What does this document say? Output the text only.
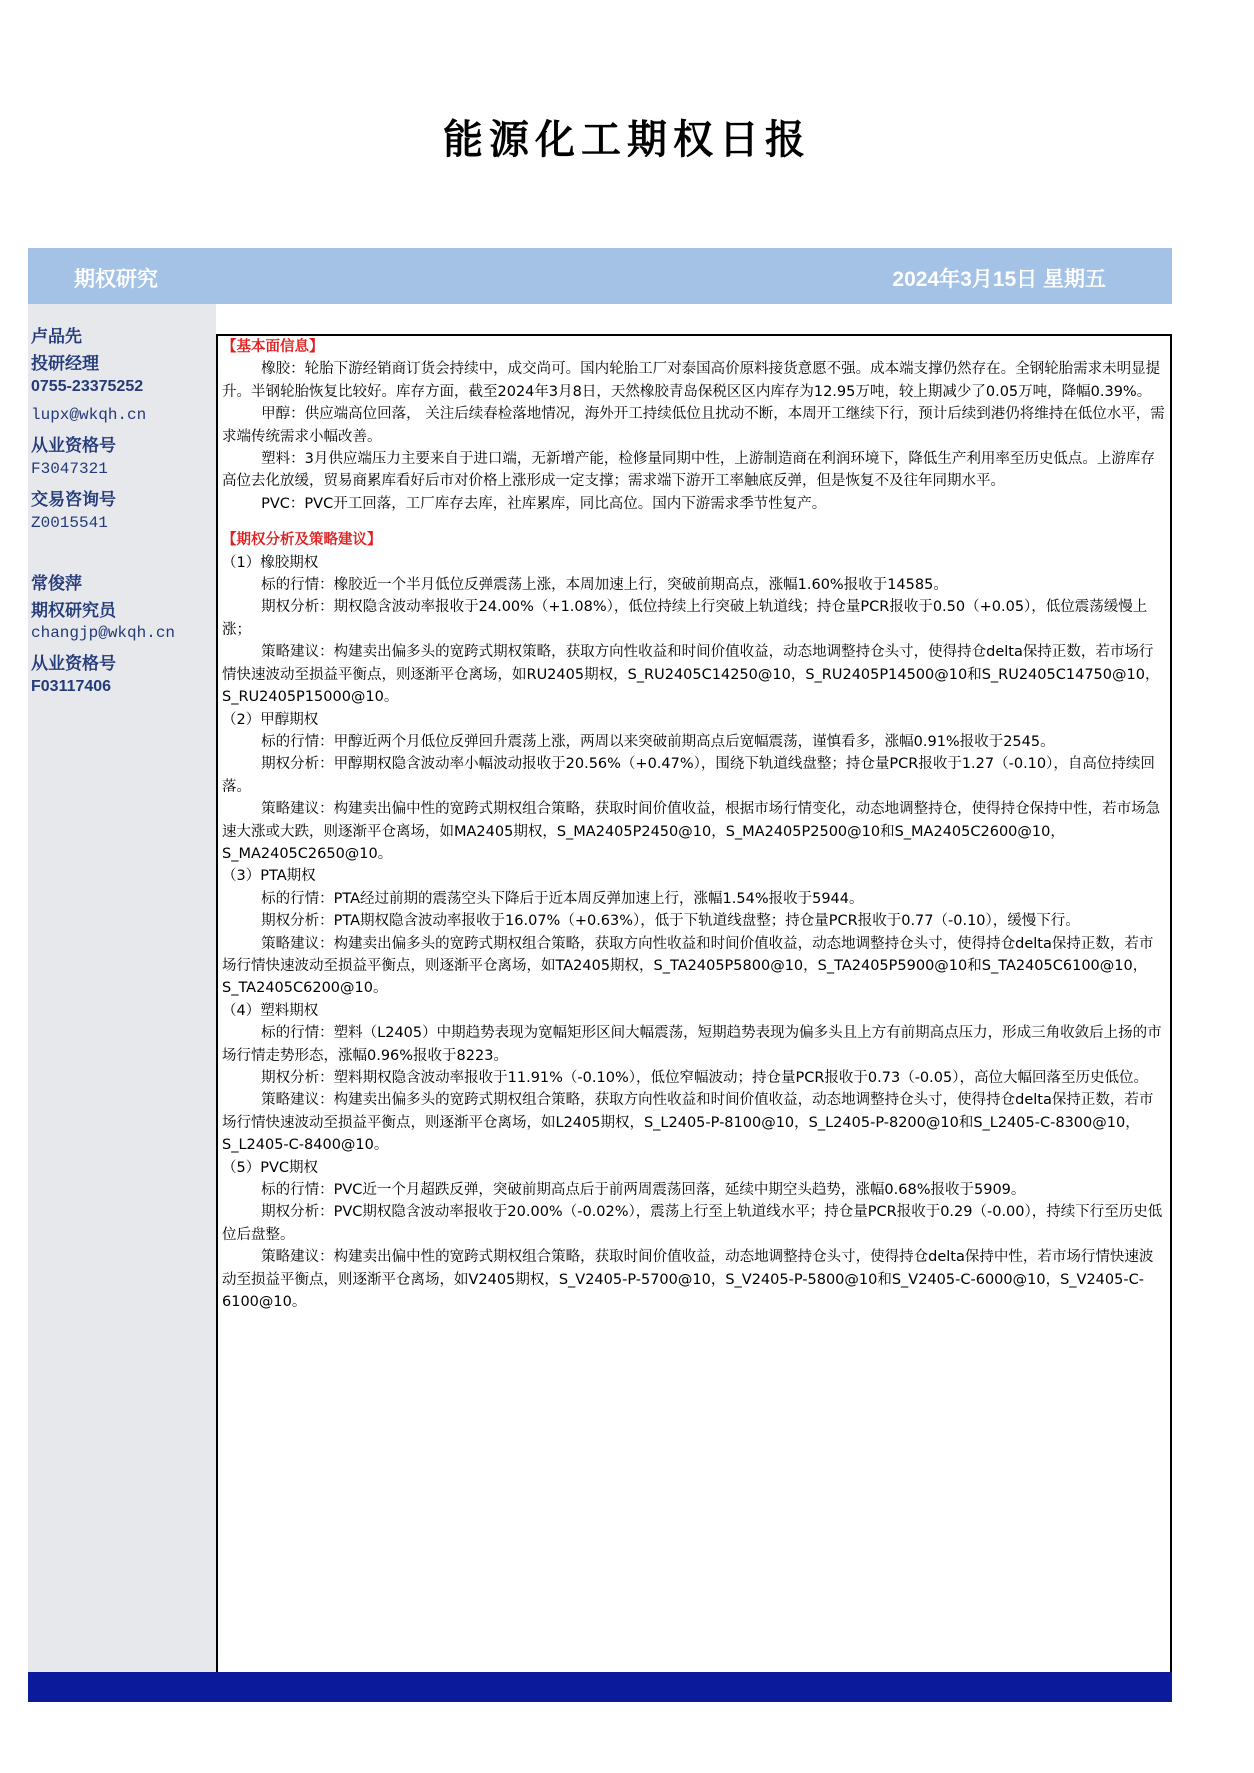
能源化工期权日报
期权研究	2024年3月15日 星期五
卢品先
投研经理
0755-23375252
lupx@wkqh.cn
从业资格号
F3047321
交易咨询号
Z0015541
常俊萍
期权研究员
changjp@wkqh.cn
从业资格号
F03117406

【基本面信息】

橡胶：轮胎下游经销商订货会持续中，成交尚可。国内轮胎工厂对泰国高价原料接货意愿不强。成本端支撑仍然存在。全钢轮胎需求未明显提升。半钢轮胎恢复比较好。库存方面，截至2024年3月8日，天然橡胶青岛保税区区内库存为12.95万吨，较上期减少了0.05万吨，降幅0.39%。

甲醇：供应端高位回落， 关注后续春检落地情况，海外开工持续低位且扰动不断，本周开工继续下行，预计后续到港仍将维持在低位水平，需求端传统需求小幅改善。

塑料：3月供应端压力主要来自于进口端，无新增产能，检修量同期中性，上游制造商在利润环境下，降低生产利用率至历史低点。上游库存高位去化放缓，贸易商累库看好后市对价格上涨形成一定支撑；需求端下游开工率触底反弹，但是恢复不及往年同期水平。

PVC：PVC开工回落，工厂库存去库，社库累库，同比高位。国内下游需求季节性复产。

【期权分析及策略建议】

（1）橡胶期权

标的行情：橡胶近一个半月低位反弹震荡上涨，本周加速上行，突破前期高点，涨幅1.60%报收于14585。

期权分析：期权隐含波动率报收于24.00%（+1.08%），低位持续上行突破上轨道线；持仓量PCR报收于0.50（+0.05），低位震荡缓慢上涨；

策略建议：构建卖出偏多头的宽跨式期权策略，获取方向性收益和时间价值收益，动态地调整持仓头寸，使得持仓delta保持正数，若市场行情快速波动至损益平衡点，则逐渐平仓离场，如RU2405期权，S_RU2405C14250@10，S_RU2405P14500@10和S_RU2405C14750@10，S_RU2405P15000@10。

（2）甲醇期权

标的行情：甲醇近两个月低位反弹回升震荡上涨，两周以来突破前期高点后宽幅震荡，谨慎看多，涨幅0.91%报收于2545。

期权分析：甲醇期权隐含波动率小幅波动报收于20.56%（+0.47%），围绕下轨道线盘整；持仓量PCR报收于1.27（-0.10），自高位持续回落。

策略建议：构建卖出偏中性的宽跨式期权组合策略，获取时间价值收益，根据市场行情变化，动态地调整持仓，使得持仓保持中性，若市场急速大涨或大跌，则逐渐平仓离场，如MA2405期权，S_MA2405P2450@10，S_MA2405P2500@10和S_MA2405C2600@10，S_MA2405C2650@10。

（3）PTA期权

标的行情：PTA经过前期的震荡空头下降后于近本周反弹加速上行，涨幅1.54%报收于5944。

期权分析：PTA期权隐含波动率报收于16.07%（+0.63%），低于下轨道线盘整；持仓量PCR报收于0.77（-0.10），缓慢下行。

策略建议：构建卖出偏多头的宽跨式期权组合策略，获取方向性收益和时间价值收益，动态地调整持仓头寸，使得持仓delta保持正数，若市场行情快速波动至损益平衡点，则逐渐平仓离场，如TA2405期权，S_TA2405P5800@10，S_TA2405P5900@10和S_TA2405C6100@10，S_TA2405C6200@10。

（4）塑料期权

标的行情：塑料（L2405）中期趋势表现为宽幅矩形区间大幅震荡，短期趋势表现为偏多头且上方有前期高点压力，形成三角收敛后上扬的市场行情走势形态，涨幅0.96%报收于8223。

期权分析：塑料期权隐含波动率报收于11.91%（-0.10%），低位窄幅波动；持仓量PCR报收于0.73（-0.05），高位大幅回落至历史低位。

策略建议：构建卖出偏多头的宽跨式期权组合策略，获取方向性收益和时间价值收益，动态地调整持仓头寸，使得持仓delta保持正数，若市场行情快速波动至损益平衡点，则逐渐平仓离场，如L2405期权，S_L2405-P-8100@10，S_L2405-P-8200@10和S_L2405-C-8300@10，S_L2405-C-8400@10。

（5）PVC期权

标的行情：PVC近一个月超跌反弹，突破前期高点后于前两周震荡回落，延续中期空头趋势，涨幅0.68%报收于5909。

期权分析：PVC期权隐含波动率报收于20.00%（-0.02%），震荡上行至上轨道线水平；持仓量PCR报收于0.29（-0.00），持续下行至历史低位后盘整。

策略建议：构建卖出偏中性的宽跨式期权组合策略，获取时间价值收益，动态地调整持仓头寸，使得持仓delta保持中性，若市场行情快速波动至损益平衡点，则逐渐平仓离场，如V2405期权，S_V2405-P-5700@10，S_V2405-P-5800@10和S_V2405-C-6000@10，S_V2405-C-6100@10。
